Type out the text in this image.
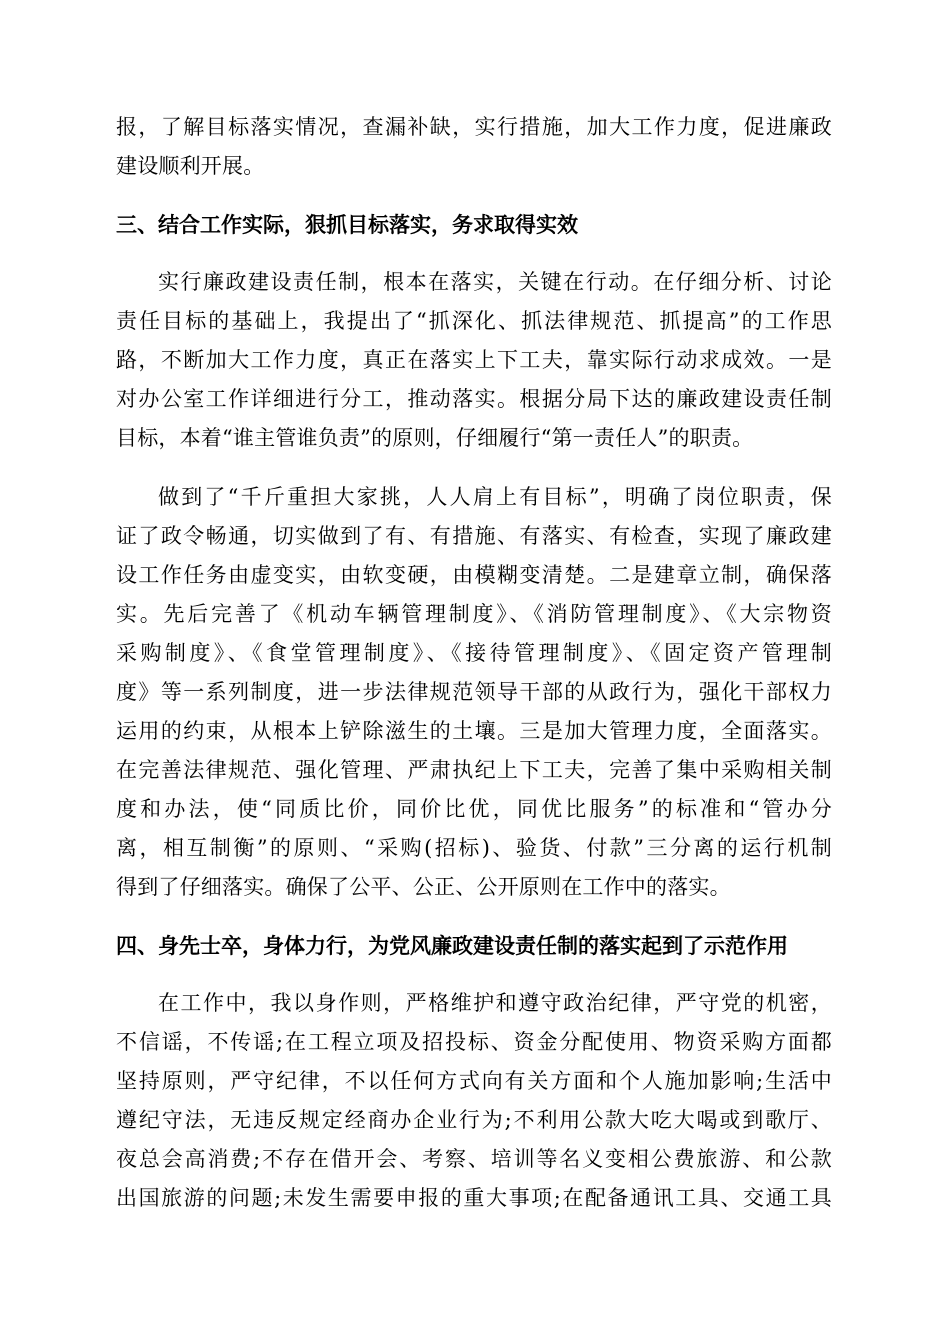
报，了解目标落实情况，查漏补缺，实行措施，加大工作力度，促进廉政
建设顺利开展。
三、结合工作实际，狠抓目标落实，务求取得实效
实行廉政建设责任制，根本在落实，关键在行动。在仔细分析、讨论
责任目标的基础上，我提出了“抓深化、抓法律规范、抓提高”的工作思
路，不断加大工作力度，真正在落实上下工夫，靠实际行动求成效。一是
对办公室工作详细进行分工，推动落实。根据分局下达的廉政建设责任制
目标，本着“谁主管谁负责”的原则，仔细履行“第一责任人”的职责。
做到了“千斤重担大家挑，人人肩上有目标”，明确了岗位职责，保
证了政令畅通，切实做到了有、有措施、有落实、有检查，实现了廉政建
设工作任务由虚变实，由软变硬，由模糊变清楚。二是建章立制，确保落
实。先后完善了《机动车辆管理制度》、《消防管理制度》、《大宗物资
采购制度》、《食堂管理制度》、《接待管理制度》、《固定资产管理制
度》等一系列制度，进一步法律规范领导干部的从政行为，强化干部权力
运用的约束，从根本上铲除滋生的土壤。三是加大管理力度，全面落实。
在完善法律规范、强化管理、严肃执纪上下工夫，完善了集中采购相关制
度和办法，使“同质比价，同价比优，同优比服务”的标准和“管办分
离，相互制衡”的原则、“采购(招标)、验货、付款”三分离的运行机制
得到了仔细落实。确保了公平、公正、公开原则在工作中的落实。
四、身先士卒，身体力行，为党风廉政建设责任制的落实起到了示范作用
在工作中，我以身作则，严格维护和遵守政治纪律，严守党的机密，
不信谣，不传谣;在工程立项及招投标、资金分配使用、物资采购方面都
坚持原则，严守纪律，不以任何方式向有关方面和个人施加影响;生活中
遵纪守法，无违反规定经商办企业行为;不利用公款大吃大喝或到歌厅、
夜总会高消费;不存在借开会、考察、培训等名义变相公费旅游、和公款
出国旅游的问题;未发生需要申报的重大事项;在配备通讯工具、交通工具
